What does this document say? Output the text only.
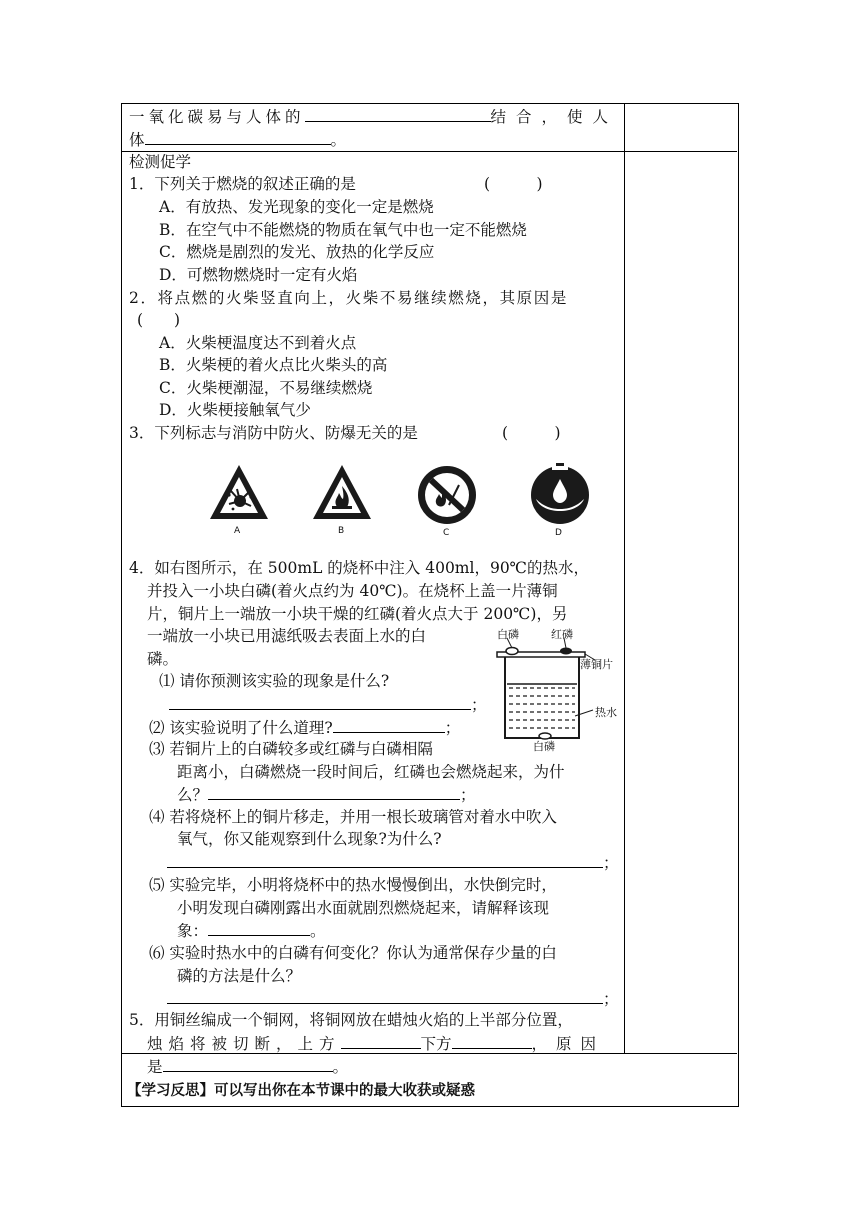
一氧化碳易与人体的	结合，使人
体	。
检测促学
1．下列关于燃烧的叙述正确的是	(　　　)
A．有放热、发光现象的变化一定是燃烧
B．在空气中不能燃烧的物质在氧气中也一定不能燃烧
C．燃烧是剧烈的发光、放热的化学反应
D．可燃物燃烧时一定有火焰
2．将点燃的火柴竖直向上，火柴不易继续燃烧，其原因是
(　　)
A．火柴梗温度达不到着火点
B．火柴梗的着火点比火柴头的高
C．火柴梗潮湿，不易继续燃烧
D．火柴梗接触氧气少
3．下列标志与消防中防火、防爆无关的是	(　　　)
A	B	C	D
4．如右图所示，在 500mL 的烧杯中注入 400ml，90℃的热水，
并投入一小块白磷(着火点约为 40℃)。在烧杯上盖一片薄铜
片，铜片上一端放一小块干燥的红磷(着火点大于 200℃)，另
一端放一小块已用滤纸吸去表面上水的白
磷。
白磷	红磷
薄铜片
热水
白磷
⑴ 请你预测该实验的现象是什么?
；
⑵ 该实验说明了什么道理?	；
⑶ 若铜片上的白磷较多或红磷与白磷相隔
距离小，白磷燃烧一段时间后，红磷也会燃烧起来，为什
么？	；
⑷ 若将烧杯上的铜片移走，并用一根长玻璃管对着水中吹入
氧气，你又能观察到什么现象?为什么?
；
⑸ 实验完毕，小明将烧杯中的热水慢慢倒出，水快倒完时，
小明发现白磷刚露出水面就剧烈燃烧起来，请解释该现
象：	。
⑹ 实验时热水中的白磷有何变化？你认为通常保存少量的白
磷的方法是什么？
；
5．用铜丝编成一个铜网，将铜网放在蜡烛火焰的上半部分位置，
烛焰将被切断，上方	下方	，原因
是	。
【学习反思】可以写出你在本节课中的最大收获或疑惑
